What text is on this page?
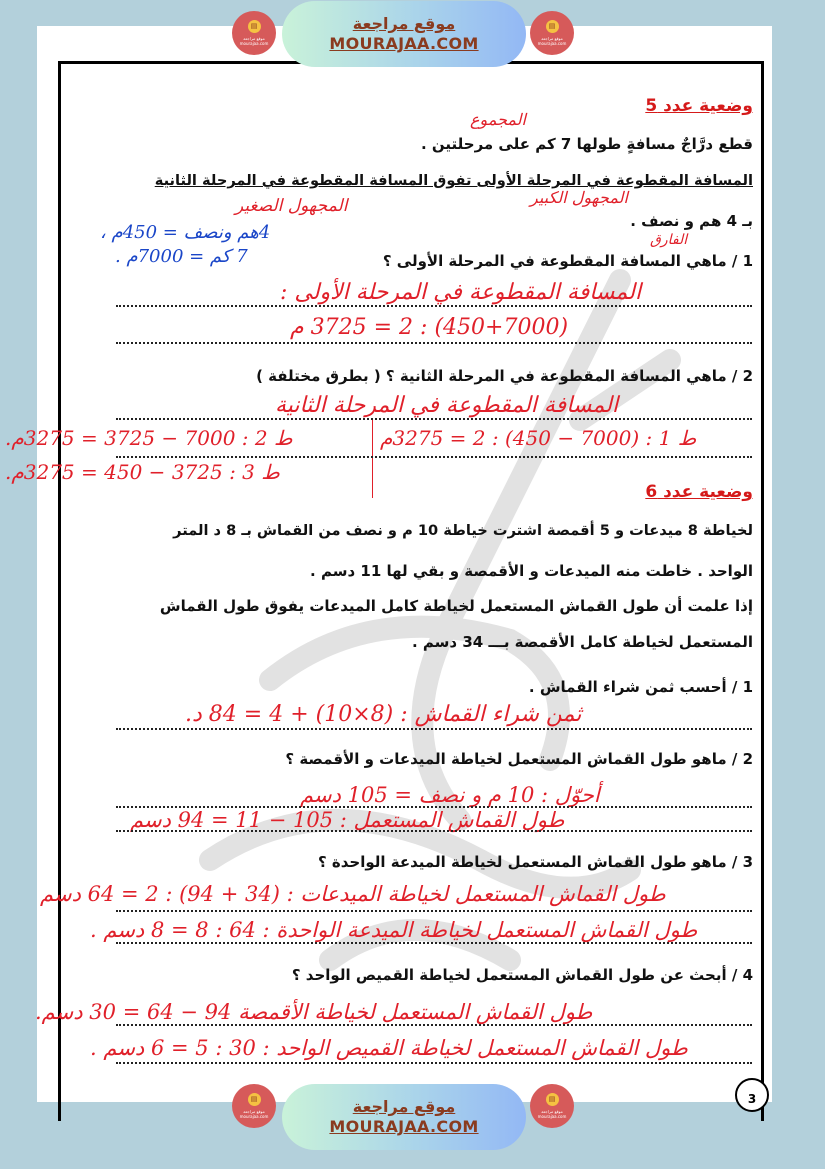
▤
موقع مراجعة mourajaa.com
موقع مراجعة
MOURAJAA.COM
▤
موقع مراجعة mourajaa.com
وضعية عدد 5
المجموع
قطع درَّاجٌ مسافةٍ طولها 7 كم على مرحلتين .
المسافة المقطوعة في المرحلة الأولى تفوق المسافة المقطوعة في المرحلة الثانية
المجهول الكبير
المجهول الصغير
بـ 4 هم و نصف .
الفارق
4هم ونصف = 450م ،
7 كم = 7000م .	1 / ماهي المسافة المقطوعة في المرحلة الأولى ؟
المسافة المقطوعة في المرحلة الأولى :
(450+7000) : 2 = 3725 م
2 / ماهي المسافة المقطوعة في المرحلة الثانية ؟ ( بطرق مختلفة )
المسافة المقطوعة في المرحلة الثانية
ط 1 : (7000 − 450) : 2 = 3275م
ط 2 : 7000 − 3725 = 3275م.
ط 3 : 3725 − 450 = 3275م.
وضعية عدد 6
لخياطة 8 ميدعات و 5 أقمصة اشترت خياطة 10 م و نصف من القماش بـ 8 د المتر
الواحد . خاطت منه الميدعات و الأقمصة و بقي لها 11 دسم .
إذا علمت أن طول القماش المستعمل لخياطة كامل الميدعات يفوق طول القماش
المستعمل لخياطة كامل الأقمصة بـــ 34 دسم .
1 / أحسب ثمن شراء القماش .
ثمن شراء القماش : (8×10) + 4 = 84 د.
2 / ماهو طول القماش المستعمل لخياطة الميدعات و الأقمصة ؟
أحوّل : 10 م و نصف = 105 دسم
طول القماش المستعمل : 105 − 11 = 94 دسم
3 / ماهو طول القماش المستعمل لخياطة الميدعة الواحدة ؟
طول القماش المستعمل لخياطة الميدعات : (34 + 94) : 2 = 64 دسم
طول القماش المستعمل لخياطة الميدعة الواحدة : 64 : 8 = 8 دسم .
4 / أبحث عن طول القماش المستعمل لخياطة القميص الواحد ؟
طول القماش المستعمل لخياطة الأقمصة 94 − 64 = 30 دسم.
طول القماش المستعمل لخياطة القميص الواحد : 30 : 5 = 6 دسم .
3
▤
موقع مراجعة mourajaa.com
موقع مراجعة
MOURAJAA.COM
▤
موقع مراجعة mourajaa.com
